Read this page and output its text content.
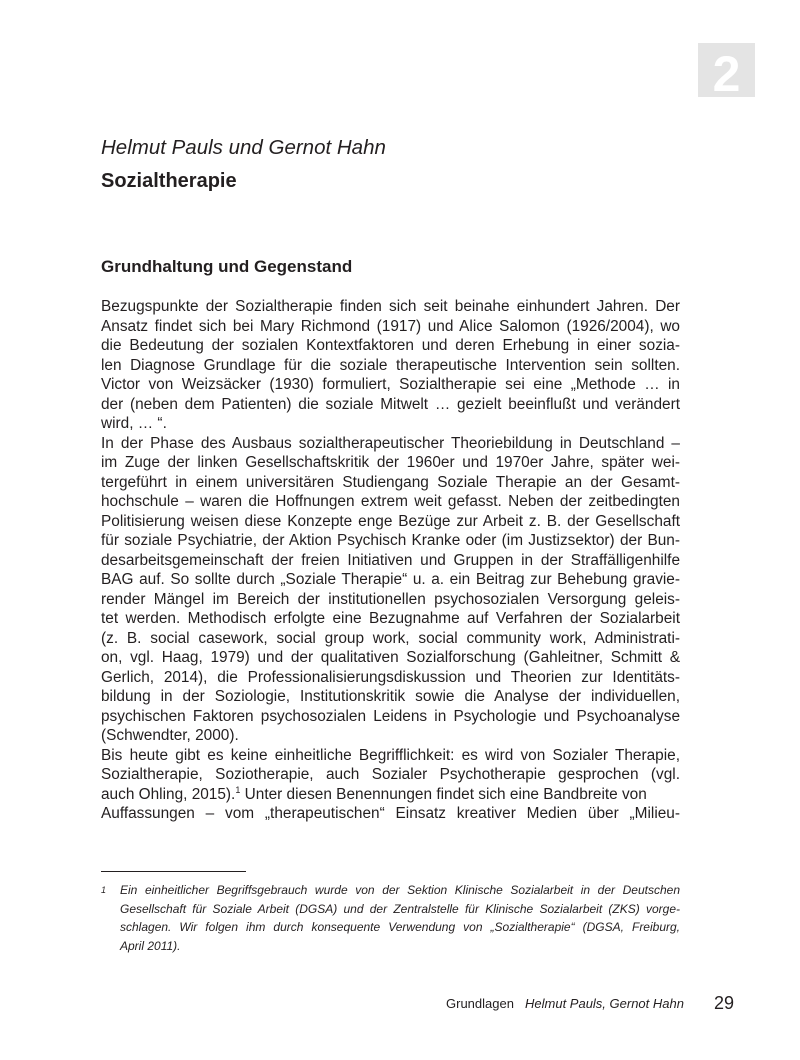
2
Helmut Pauls und Gernot Hahn
Sozialtherapie
Grundhaltung und Gegenstand
Bezugspunkte der Sozialtherapie finden sich seit beinahe einhundert Jahren. Der
Ansatz findet sich bei Mary Richmond (1917) und Alice Salomon (1926/2004), wo
die Bedeutung der sozialen Kontextfaktoren und deren Erhebung in einer sozia-
len Diagnose Grundlage für die soziale therapeutische Intervention sein sollten.
Victor von Weizsäcker (1930) formuliert, Sozialtherapie sei eine „Methode … in
der (neben dem Patienten) die soziale Mitwelt … gezielt beeinflußt und verändert
wird, … “.
In der Phase des Ausbaus sozialtherapeutischer Theoriebildung in Deutschland –
im Zuge der linken Gesellschaftskritik der 1960er und 1970er Jahre, später wei-
tergeführt in einem universitären Studiengang Soziale Therapie an der Gesamt-
hochschule – waren die Hoffnungen extrem weit gefasst. Neben der zeitbedingten
Politisierung weisen diese Konzepte enge Bezüge zur Arbeit z. B. der Gesellschaft
für soziale Psychiatrie, der Aktion Psychisch Kranke oder (im Justizsektor) der Bun-
desarbeitsgemeinschaft der freien Initiativen und Gruppen in der Straffälligenhilfe
BAG auf. So sollte durch „Soziale Therapie“ u. a. ein Beitrag zur Behebung gravie-
render Mängel im Bereich der institutionellen psychosozialen Versorgung geleis-
tet werden. Methodisch erfolgte eine Bezugnahme auf Verfahren der Sozialarbeit
(z. B. social casework, social group work, social community work, Administrati-
on, vgl. Haag, 1979) und der qualitativen Sozialforschung (Gahleitner, Schmitt &
Gerlich, 2014), die Professionalisierungsdiskussion und Theorien zur Identitäts-
bildung in der Soziologie, Institutionskritik sowie die Analyse der individuellen,
psychischen Faktoren psychosozialen Leidens in Psychologie und Psychoanalyse
(Schwendter, 2000).
Bis heute gibt es keine einheitliche Begrifflichkeit: es wird von Sozialer Therapie,
Sozialtherapie, Soziotherapie, auch Sozialer Psychotherapie gesprochen (vgl.
auch Ohling, 2015).$^1$ Unter diesen Benennungen findet sich eine Bandbreite von
Auffassungen – vom „therapeutischen“ Einsatz kreativer Medien über „Milieu-
1 Ein einheitlicher Begriffsgebrauch wurde von der Sektion Klinische Sozialarbeit in der Deutschen
Gesellschaft für Soziale Arbeit (DGSA) und der Zentralstelle für Klinische Sozialarbeit (ZKS) vorge-
schlagen. Wir folgen ihm durch konsequente Verwendung von „Sozialtherapie“ (DGSA, Freiburg,
April 2011).
Grundlagen Helmut Pauls, Gernot Hahn 29
